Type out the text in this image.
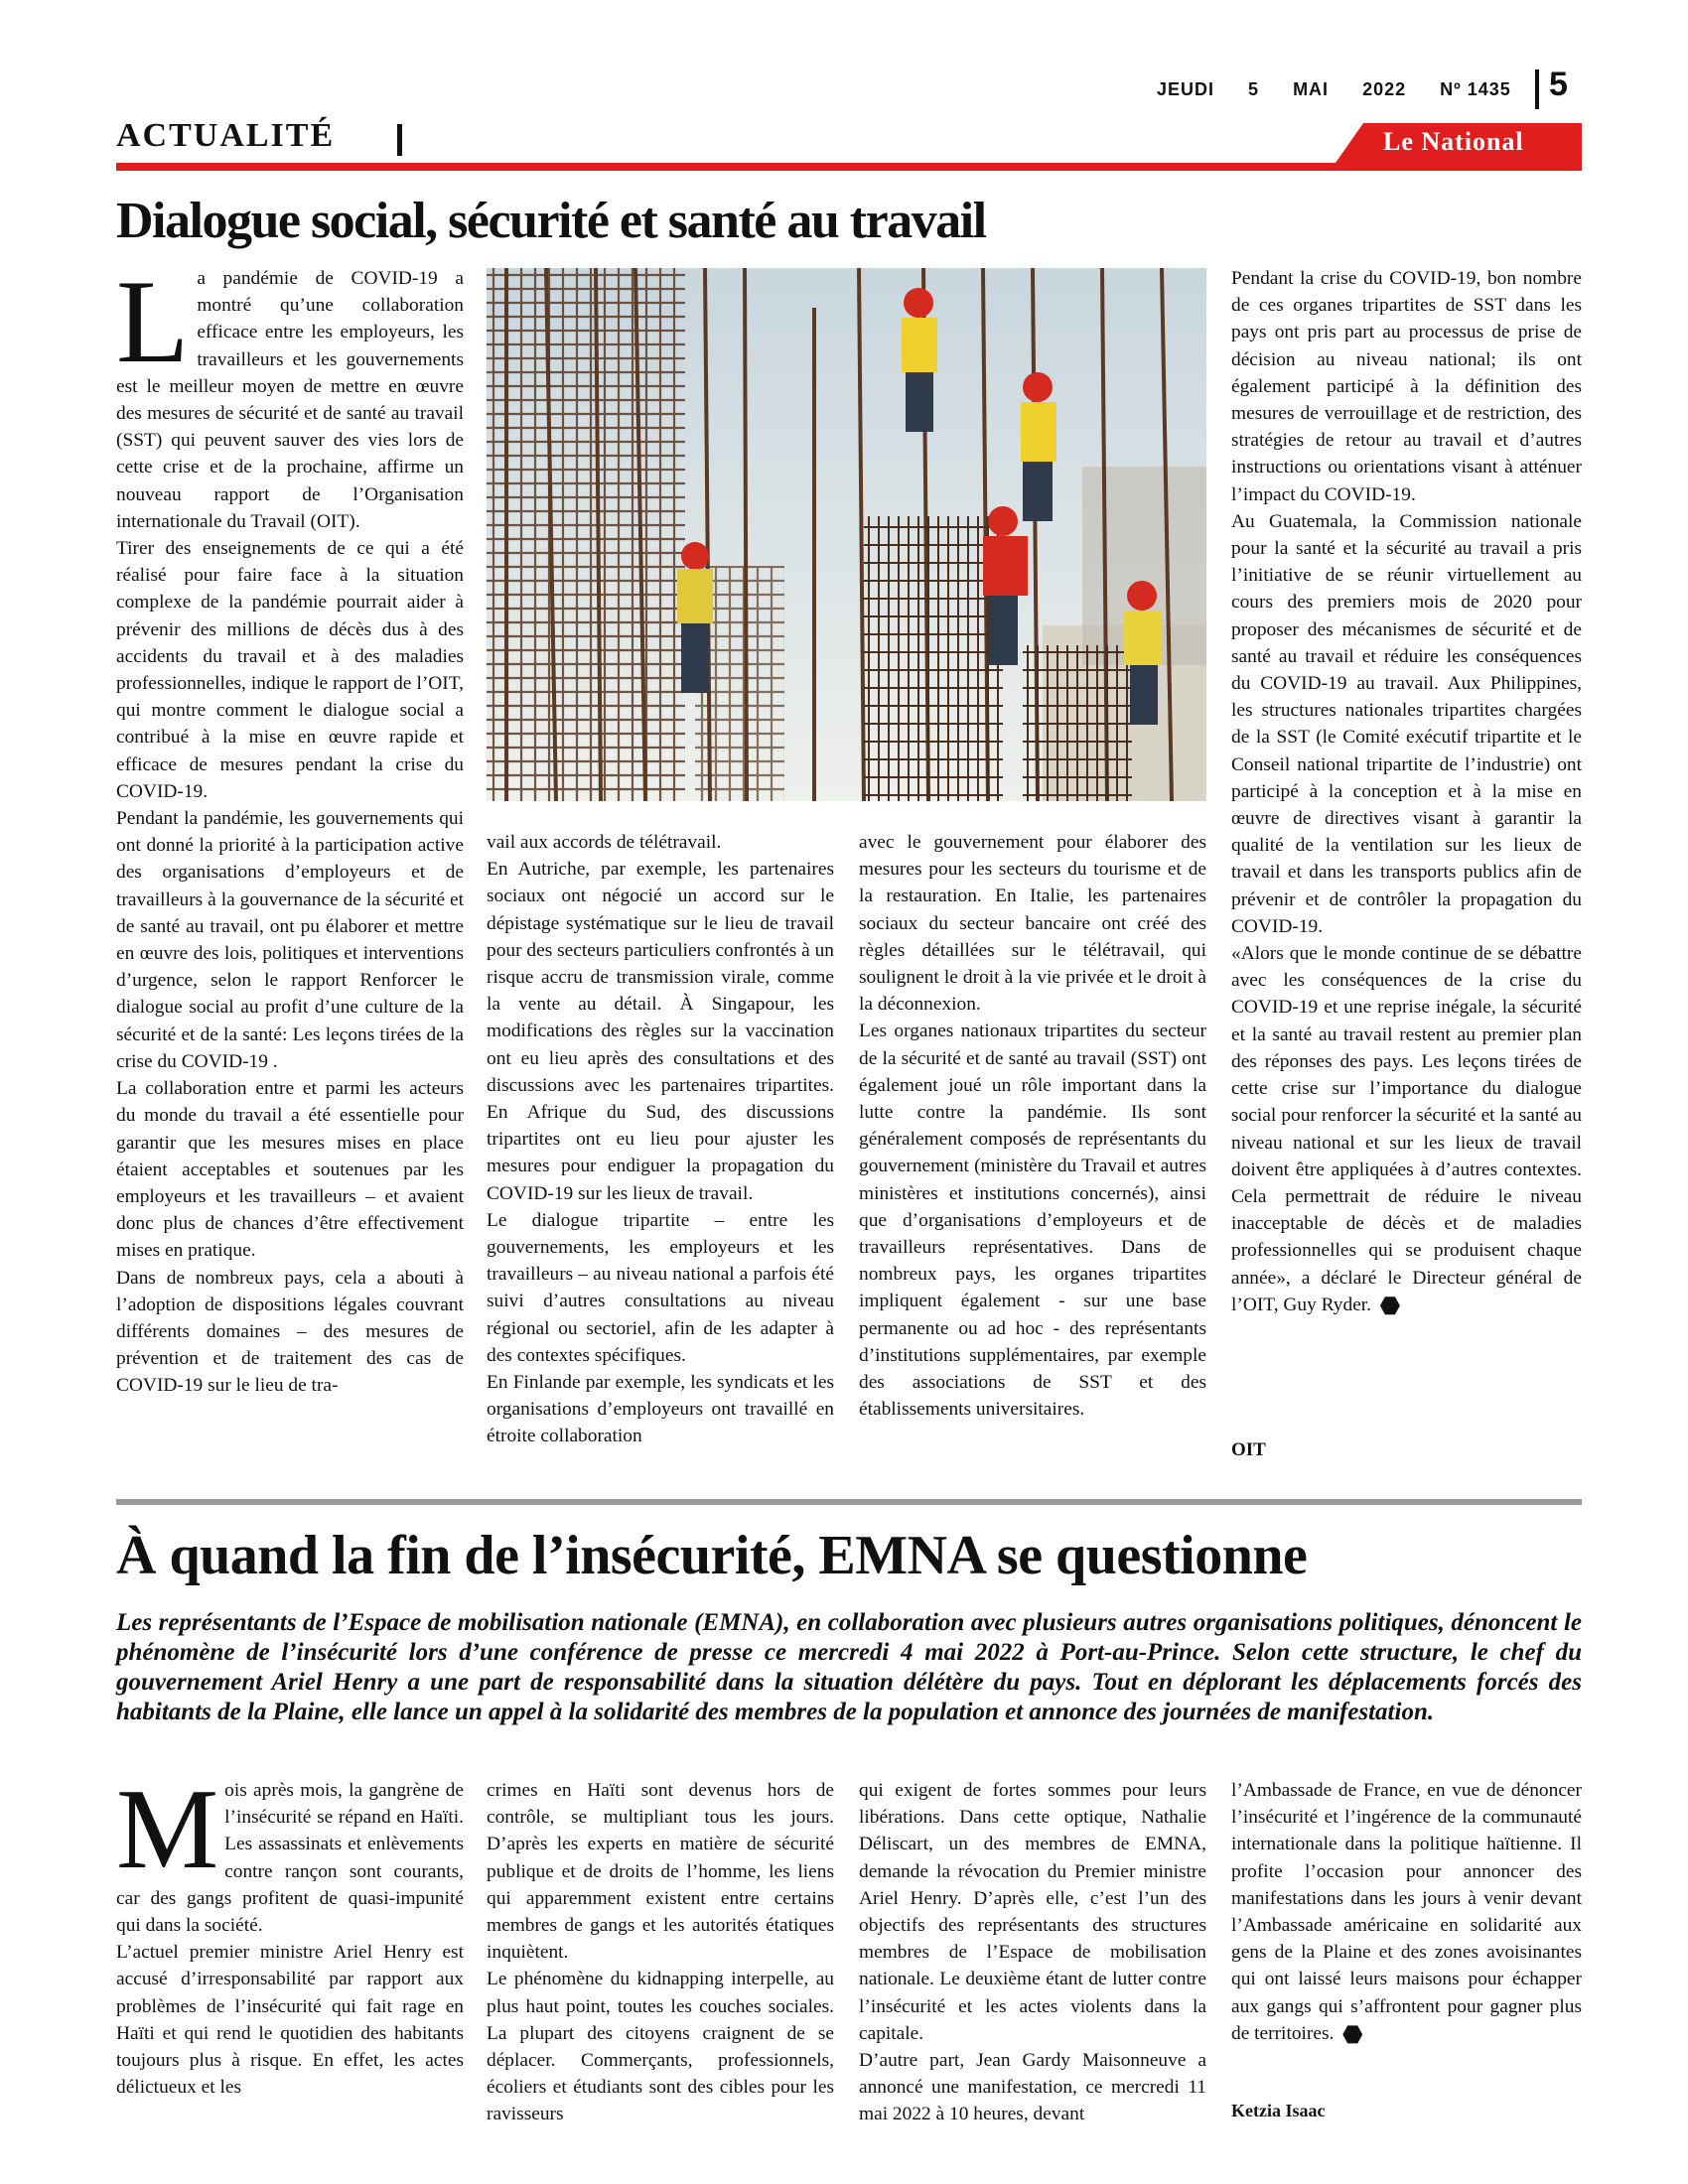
JEUDI 5 MAI 2022 Nº 1435	5
ACTUALITÉ	Le National
Dialogue social, sécurité et santé au travail

La pandémie de COVID-19 a montré qu’une collaboration efficace entre les employeurs, les travailleurs et les gouvernements est le meilleur moyen de mettre en œuvre des mesures de sécurité et de santé au travail (SST) qui peuvent sauver des vies lors de cette crise et de la prochaine, affirme un nouveau rapport de l’Organisation internationale du Travail (OIT).

Tirer des enseignements de ce qui a été réalisé pour faire face à la situation complexe de la pandémie pourrait aider à prévenir des millions de décès dus à des accidents du travail et à des maladies professionnelles, indique le rapport de l’OIT, qui montre comment le dialogue social a contribué à la mise en œuvre rapide et efficace de mesures pendant la crise du COVID-19.

Pendant la pandémie, les gouvernements qui ont donné la priorité à la participation active des organisations d’employeurs et de travailleurs à la gouvernance de la sécurité et de santé au travail, ont pu élaborer et mettre en œuvre des lois, politiques et interventions d’urgence, selon le rapport Renforcer le dialogue social au profit d’une culture de la sécurité et de la santé: Les leçons tirées de la crise du COVID-19 .

La collaboration entre et parmi les acteurs du monde du travail a été essentielle pour garantir que les mesures mises en place étaient acceptables et soutenues par les employeurs et les travailleurs – et avaient donc plus de chances d’être effectivement mises en pratique.

Dans de nombreux pays, cela a abouti à l’adoption de dispositions légales couvrant différents domaines – des mesures de prévention et de traitement des cas de COVID-19 sur le lieu de tra-

vail aux accords de télétravail.

En Autriche, par exemple, les partenaires sociaux ont négocié un accord sur le dépistage systématique sur le lieu de travail pour des secteurs particuliers confrontés à un risque accru de transmission virale, comme la vente au détail. À Singapour, les modifications des règles sur la vaccination ont eu lieu après des consultations et des discussions avec les partenaires tripartites. En Afrique du Sud, des discussions tripartites ont eu lieu pour ajuster les mesures pour endiguer la propagation du COVID-19 sur les lieux de travail.

Le dialogue tripartite – entre les gouvernements, les employeurs et les travailleurs – au niveau national a parfois été suivi d’autres consultations au niveau régional ou sectoriel, afin de les adapter à des contextes spécifiques.

En Finlande par exemple, les syndicats et les organisations d’employeurs ont travaillé en étroite collaboration

avec le gouvernement pour élaborer des mesures pour les secteurs du tourisme et de la restauration. En Italie, les partenaires sociaux du secteur bancaire ont créé des règles détaillées sur le télétravail, qui soulignent le droit à la vie privée et le droit à la déconnexion.

Les organes nationaux tripartites du secteur de la sécurité et de santé au travail (SST) ont également joué un rôle important dans la lutte contre la pandémie. Ils sont généralement composés de représentants du gouvernement (ministère du Travail et autres ministères et institutions concernés), ainsi que d’organisations d’employeurs et de travailleurs représentatives. Dans de nombreux pays, les organes tripartites impliquent également - sur une base permanente ou ad hoc - des représentants d’institutions supplémentaires, par exemple des associations de SST et des établissements universitaires.

Pendant la crise du COVID-19, bon nombre de ces organes tripartites de SST dans les pays ont pris part au processus de prise de décision au niveau national; ils ont également participé à la définition des mesures de verrouillage et de restriction, des stratégies de retour au travail et d’autres instructions ou orientations visant à atténuer l’impact du COVID-19.

Au Guatemala, la Commission nationale pour la santé et la sécurité au travail a pris l’initiative de se réunir virtuellement au cours des premiers mois de 2020 pour proposer des mécanismes de sécurité et de santé au travail et réduire les conséquences du COVID-19 au travail. Aux Philippines, les structures nationales tripartites chargées de la SST (le Comité exécutif tripartite et le Conseil national tripartite de l’industrie) ont participé à la conception et à la mise en œuvre de directives visant à garantir la qualité de la ventilation sur les lieux de travail et dans les transports publics afin de prévenir et de contrôler la propagation du COVID-19.

«Alors que le monde continue de se débattre avec les conséquences de la crise du COVID-19 et une reprise inégale, la sécurité et la santé au travail restent au premier plan des réponses des pays. Les leçons tirées de cette crise sur l’importance du dialogue social pour renforcer la sécurité et la santé au niveau national et sur les lieux de travail doivent être appliquées à d’autres contextes. Cela permettrait de réduire le niveau inacceptable de décès et de maladies professionnelles qui se produisent chaque année», a déclaré le Directeur général de l’OIT, Guy Ryder.

OIT
À quand la fin de l’insécurité, EMNA se questionne
Les représentants de l’Espace de mobilisation nationale (EMNA), en collaboration avec plusieurs autres organisations politiques, dénoncent le phénomène de l’insécurité lors d’une conférence de presse ce mercredi 4 mai 2022 à Port-au-Prince. Selon cette structure, le chef du gouvernement Ariel Henry a une part de responsabilité dans la situation délétère du pays. Tout en déplorant les déplacements forcés des habitants de la Plaine, elle lance un appel à la solidarité des membres de la population et annonce des journées de manifestation.

Mois après mois, la gangrène de l’insécurité se répand en Haïti. Les assassinats et enlèvements contre rançon sont courants, car des gangs profitent de quasi-impunité qui dans la société.

L’actuel premier ministre Ariel Henry est accusé d’irresponsabilité par rapport aux problèmes de l’insécurité qui fait rage en Haïti et qui rend le quotidien des habitants toujours plus à risque. En effet, les actes délictueux et les

crimes en Haïti sont devenus hors de contrôle, se multipliant tous les jours. D’après les experts en matière de sécurité publique et de droits de l’homme, les liens qui apparemment existent entre certains membres de gangs et les autorités étatiques inquiètent.

Le phénomène du kidnapping interpelle, au plus haut point, toutes les couches sociales. La plupart des citoyens craignent de se déplacer. Commerçants, professionnels, écoliers et étudiants sont des cibles pour les ravisseurs

qui exigent de fortes sommes pour leurs libérations. Dans cette optique, Nathalie Déliscart, un des membres de EMNA, demande la révocation du Premier ministre Ariel Henry. D’après elle, c’est l’un des objectifs des représentants des structures membres de l’Espace de mobilisation nationale. Le deuxième étant de lutter contre l’insécurité et les actes violents dans la capitale.

D’autre part, Jean Gardy Maisonneuve a annoncé une manifestation, ce mercredi 11 mai 2022 à 10 heures, devant

l’Ambassade de France, en vue de dénoncer l’insécurité et l’ingérence de la communauté internationale dans la politique haïtienne. Il profite l’occasion pour annoncer des manifestations dans les jours à venir devant l’Ambassade américaine en solidarité aux gens de la Plaine et des zones avoisinantes qui ont laissé leurs maisons pour échapper aux gangs qui s’affrontent pour gagner plus de territoires.

Ketzia Isaac
